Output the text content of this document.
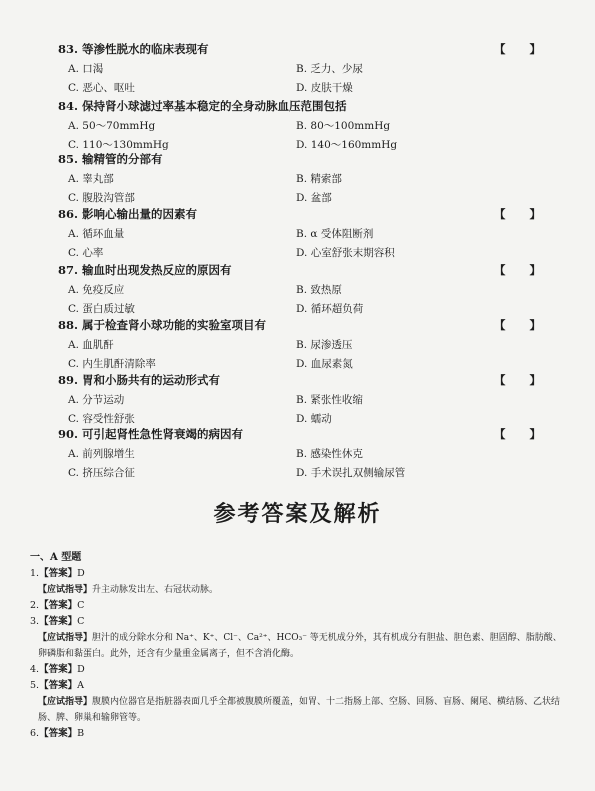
83. 等渗性脱水的临床表现有	【】
A. 口渴	B. 乏力、少尿
C. 恶心、呕吐	D. 皮肤干燥
84. 保持肾小球滤过率基本稳定的全身动脉血压范围包括
A. 50～70mmHg	B. 80～100mmHg
C. 110～130mmHg	D. 140～160mmHg
85. 输精管的分部有
A. 睾丸部	B. 精索部
C. 腹股沟管部	D. 盆部
86. 影响心输出量的因素有	【】
A. 循环血量	B. α 受体阻断剂
C. 心率	D. 心室舒张末期容积
87. 输血时出现发热反应的原因有	【】
A. 免疫反应	B. 致热原
C. 蛋白质过敏	D. 循环超负荷
88. 属于检查肾小球功能的实验室项目有	【】
A. 血肌酐	B. 尿渗透压
C. 内生肌酐清除率	D. 血尿素氮
89. 胃和小肠共有的运动形式有	【】
A. 分节运动	B. 紧张性收缩
C. 容受性舒张	D. 蠕动
90. 可引起肾性急性肾衰竭的病因有	【】
A. 前列腺增生	B. 感染性休克
C. 挤压综合征	D. 手术误扎双侧输尿管
参考答案及解析
一、A 型题
1.【答案】D
【应试指导】升主动脉发出左、右冠状动脉。
2.【答案】C
3.【答案】C
【应试指导】胆汁的成分除水分和 Na⁺、K⁺、Cl⁻、Ca²⁺、HCO₃⁻ 等无机成分外，其有机成分有胆盐、胆色素、胆固醇、脂肪酸、卵磷脂和黏蛋白。此外，还含有少量重金属离子，但不含消化酶。
4.【答案】D
5.【答案】A
【应试指导】腹膜内位器官是指脏器表面几乎全都被腹膜所覆盖，如胃、十二指肠上部、空肠、回肠、盲肠、阑尾、横结肠、乙状结肠、脾、卵巢和输卵管等。
6.【答案】B
